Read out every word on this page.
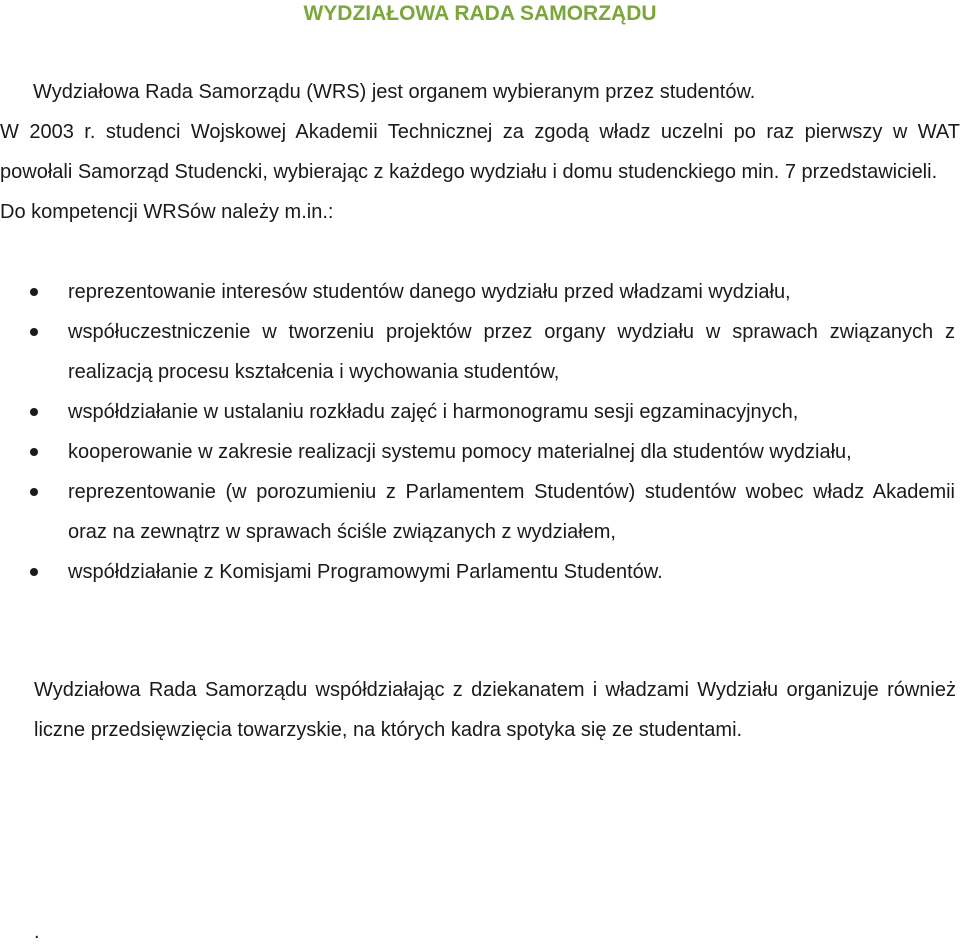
WYDZIAŁOWA RADA SAMORZĄDU

Wydziałowa Rada Samorządu (WRS) jest organem wybieranym przez studentów.

W 2003 r. studenci Wojskowej Akademii Technicznej za zgodą władz uczelni po raz pierwszy w WAT powołali Samorząd Studencki, wybierając z każdego wydziału i domu studenckiego min. 7 przedstawicieli.

Do kompetencji WRSów należy m.in.:

reprezentowanie interesów studentów danego wydziału przed władzami wydziału,
współuczestniczenie w tworzeniu projektów przez organy wydziału w sprawach związanych z realizacją procesu kształcenia i wychowania studentów,
współdziałanie w ustalaniu rozkładu zajęć i harmonogramu sesji egzaminacyjnych,
kooperowanie w zakresie realizacji systemu pomocy materialnej dla studentów wydziału,
reprezentowanie (w porozumieniu z Parlamentem Studentów) studentów wobec władz Akademii oraz na zewnątrz w sprawach ściśle związanych z wydziałem,
współdziałanie z Komisjami Programowymi Parlamentu Studentów.

Wydziałowa Rada Samorządu współdziałając z dziekanatem i władzami Wydziału organizuje również liczne przedsięwzięcia towarzyskie, na których kadra spotyka się ze studentami.

.
